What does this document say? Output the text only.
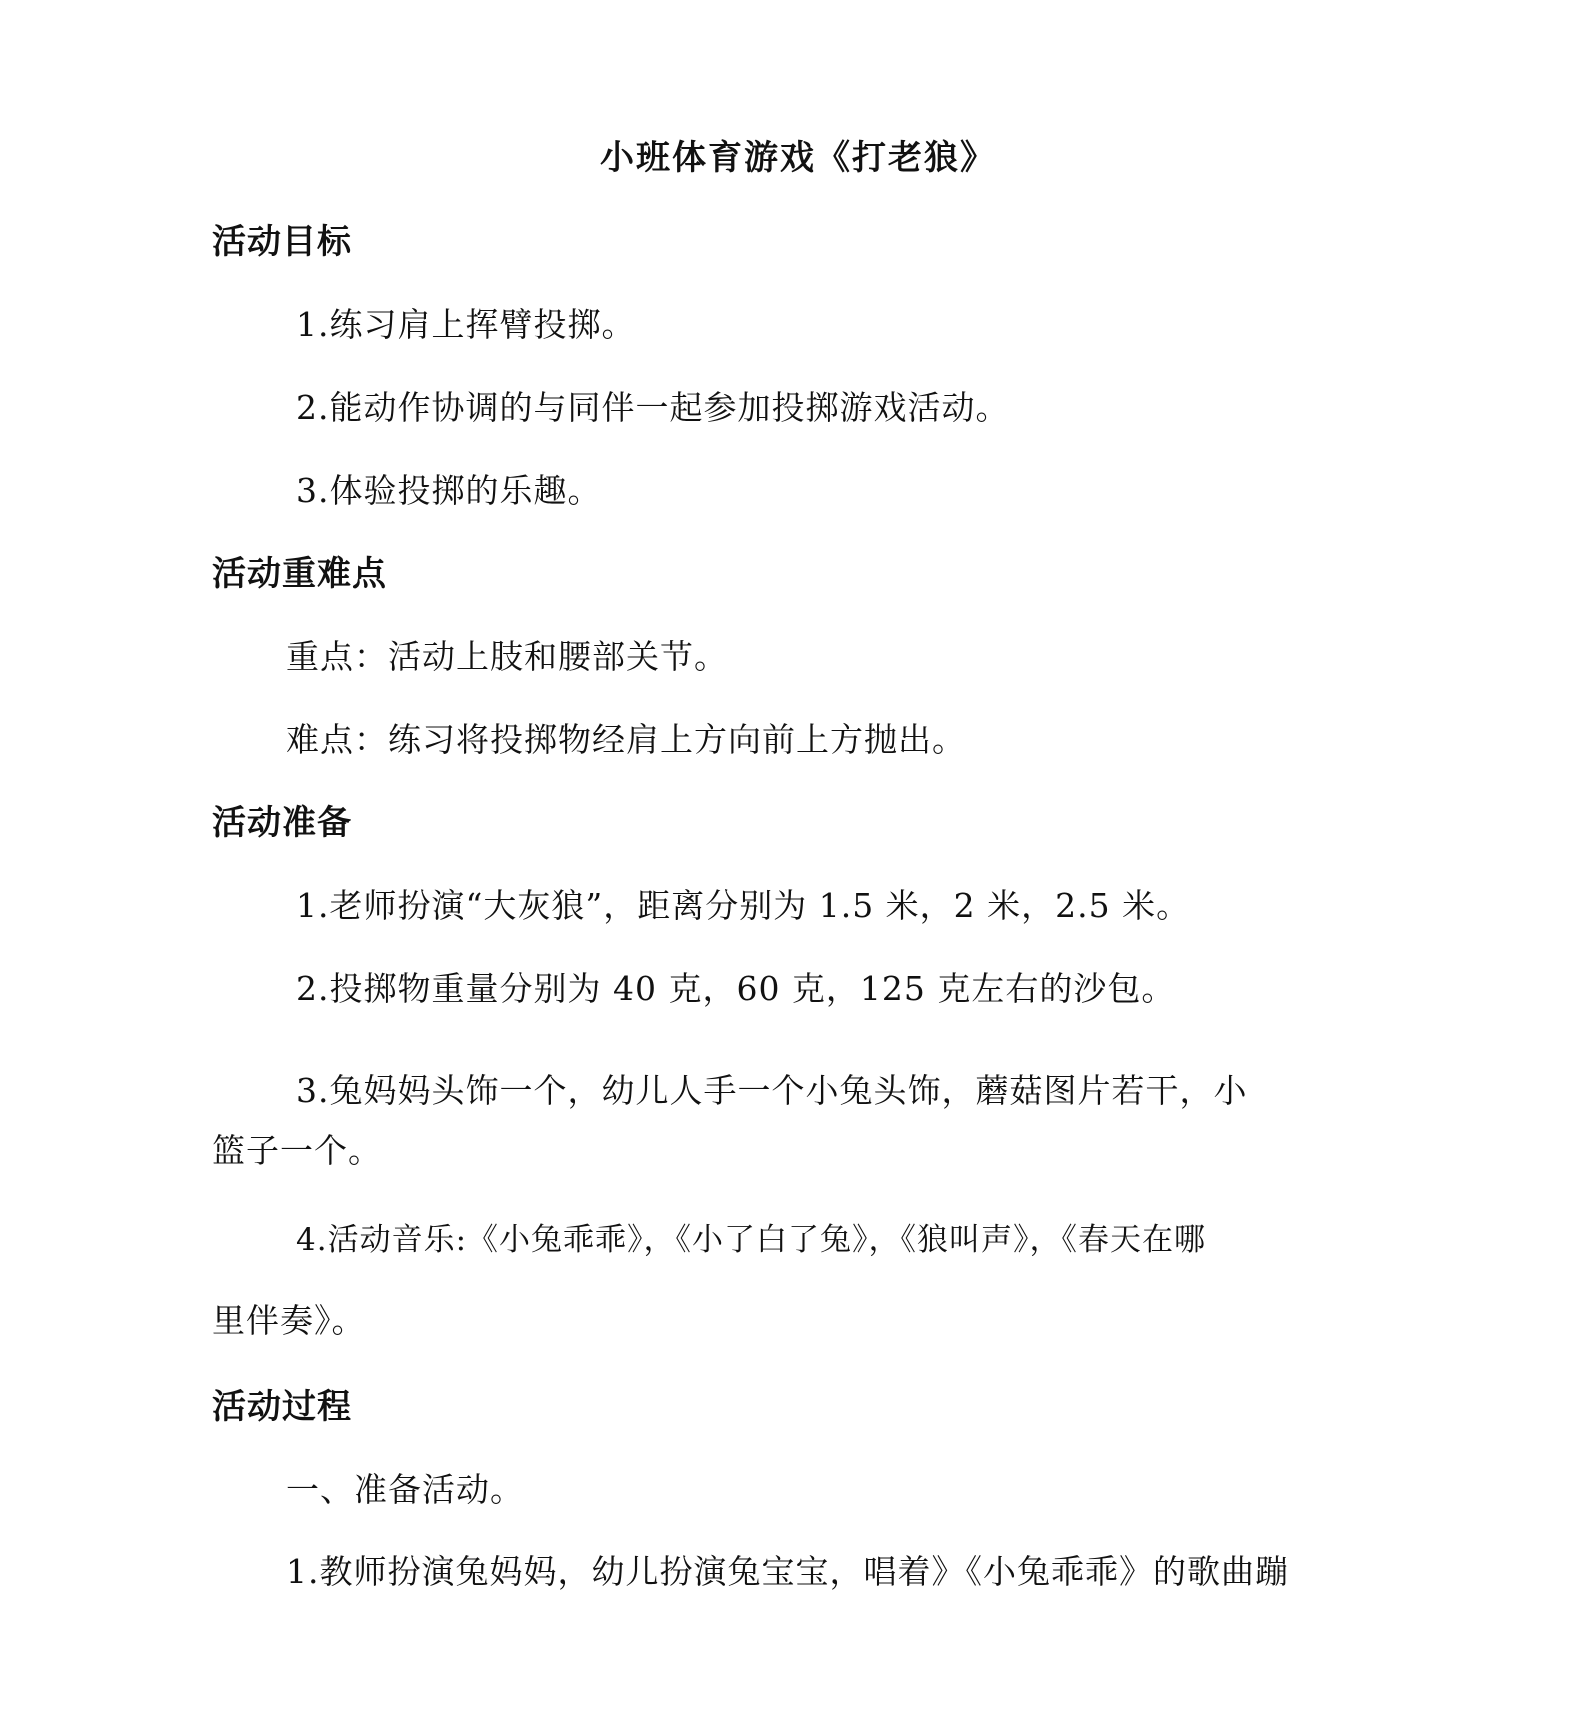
小班体育游戏《打老狼》
活动目标
1.练习肩上挥臂投掷。
2.能动作协调的与同伴一起参加投掷游戏活动。
3.体验投掷的乐趣。
活动重难点
重点：活动上肢和腰部关节。
难点：练习将投掷物经肩上方向前上方抛出。
活动准备
1.老师扮演“大灰狼”，距离分别为 1.5 米，2 米，2.5 米。
2.投掷物重量分别为 40 克，60 克，125 克左右的沙包。
3.兔妈妈头饰一个，幼儿人手一个小兔头饰，蘑菇图片若干，小
篮子一个。
4.活动音乐:《小兔乖乖》，《小了白了兔》，《狼叫声》，《春天在哪
里伴奏》。
活动过程
一、准备活动。
1.教师扮演兔妈妈，幼儿扮演兔宝宝，唱着》《小兔乖乖》的歌曲蹦
